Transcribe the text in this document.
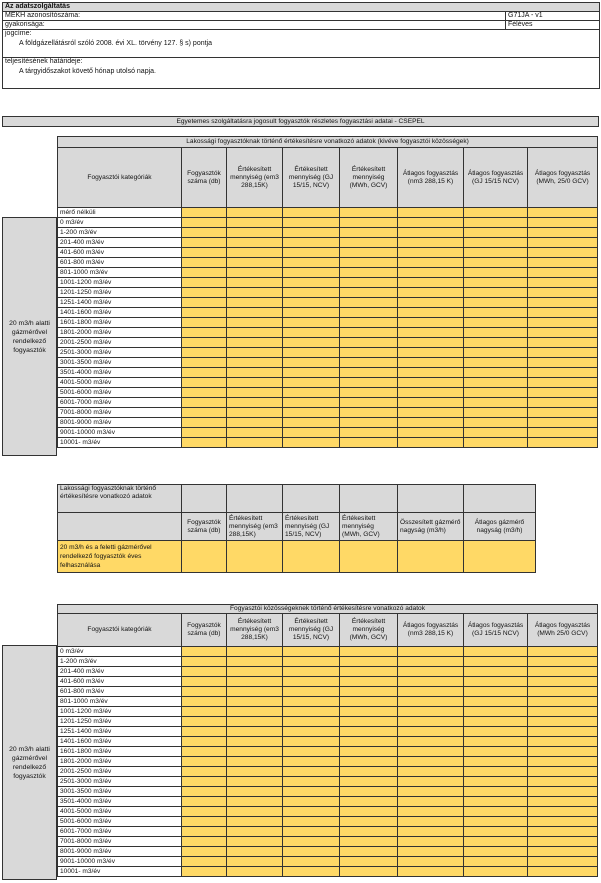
Az adatszolgáltatás	
MEKH azonosítószáma:	G71JA - v1
gyakorisága:	Féléves

jogcíme:
A földgázellátásról szóló 2008. évi XL. törvény 127. § s) pontja	

teljesítésének határideje:
A tárgyidőszakot követő hónap utolsó napja.	
Egyetemes szolgáltatásra jogosult fogyasztók részletes fogyasztási adatai - CSEPEL
Lakossági fogyasztóknak történő értékesítésre vonatkozó adatok (kivéve fogyasztói közösségek)							
Fogyasztói kategóriák	Fogyasztók száma (db)	Értékesített mennyiség (em3 288,15K)	Értékesített mennyiség (GJ 15/15, NCV)	Értékesített mennyiség (MWh, GCV)	Átlagos fogyasztás (nm3 288,15 K)	Átlagos fogyasztás (GJ 15/15 NCV)	Átlagos fogyasztás (MWh, 25/0 GCV)
mérő nélküli							
0 m3/év							
1-200 m3/év							
201-400 m3/év							
401-600 m3/év							
601-800 m3/év							
801-1000 m3/év							
1001-1200 m3/év							
1201-1250 m3/év							
1251-1400 m3/év							
1401-1600 m3/év							
1601-1800 m3/év							
1801-2000 m3/év							
2001-2500 m3/év							
2501-3000 m3/év							
3001-3500 m3/év							
3501-4000 m3/év							
4001-5000 m3/év							
5001-6000 m3/év							
6001-7000 m3/év							
7001-8000 m3/év							
8001-9000 m3/év							
9001-10000 m3/év							
10001- m3/év							
20 m3/h alatti gázmérővel rendelkező fogyasztók
Lakossági fogyasztóknak történő értékesítésre vonatkozó adatok						
	Fogyasztók száma (db)	Értékesített mennyiség (em3 288,15K)	Értékesített mennyiség (GJ 15/15, NCV)	Értékesített mennyiség (MWh, GCV)	Összesített gázmérő nagyság (m3/h)	Átlagos gázmérő nagyság (m3/h)
20 m3/h és a feletti gázmérővel rendelkező fogyasztók éves felhasználása						
Fogyasztói közösségeknek történő értékesítésre vonatkozó adatok							
Fogyasztói kategóriák	Fogyasztók száma (db)	Értékesített mennyiség (em3 288,15K)	Értékesített mennyiség (GJ 15/15, NCV)	Értékesített mennyiség (MWh, GCV)	Átlagos fogyasztás (nm3 288,15 K)	Átlagos fogyasztás (GJ 15/15 NCV)	Átlagos fogyasztás (MWh 25/0 GCV)
0 m3/év							
1-200 m3/év							
201-400 m3/év							
401-600 m3/év							
601-800 m3/év							
801-1000 m3/év							
1001-1200 m3/év							
1201-1250 m3/év							
1251-1400 m3/év							
1401-1600 m3/év							
1601-1800 m3/év							
1801-2000 m3/év							
2001-2500 m3/év							
2501-3000 m3/év							
3001-3500 m3/év							
3501-4000 m3/év							
4001-5000 m3/év							
5001-6000 m3/év							
6001-7000 m3/év							
7001-8000 m3/év							
8001-9000 m3/év							
9001-10000 m3/év							
10001- m3/év							
20 m3/h alatti gázmérővel rendelkező fogyasztók
